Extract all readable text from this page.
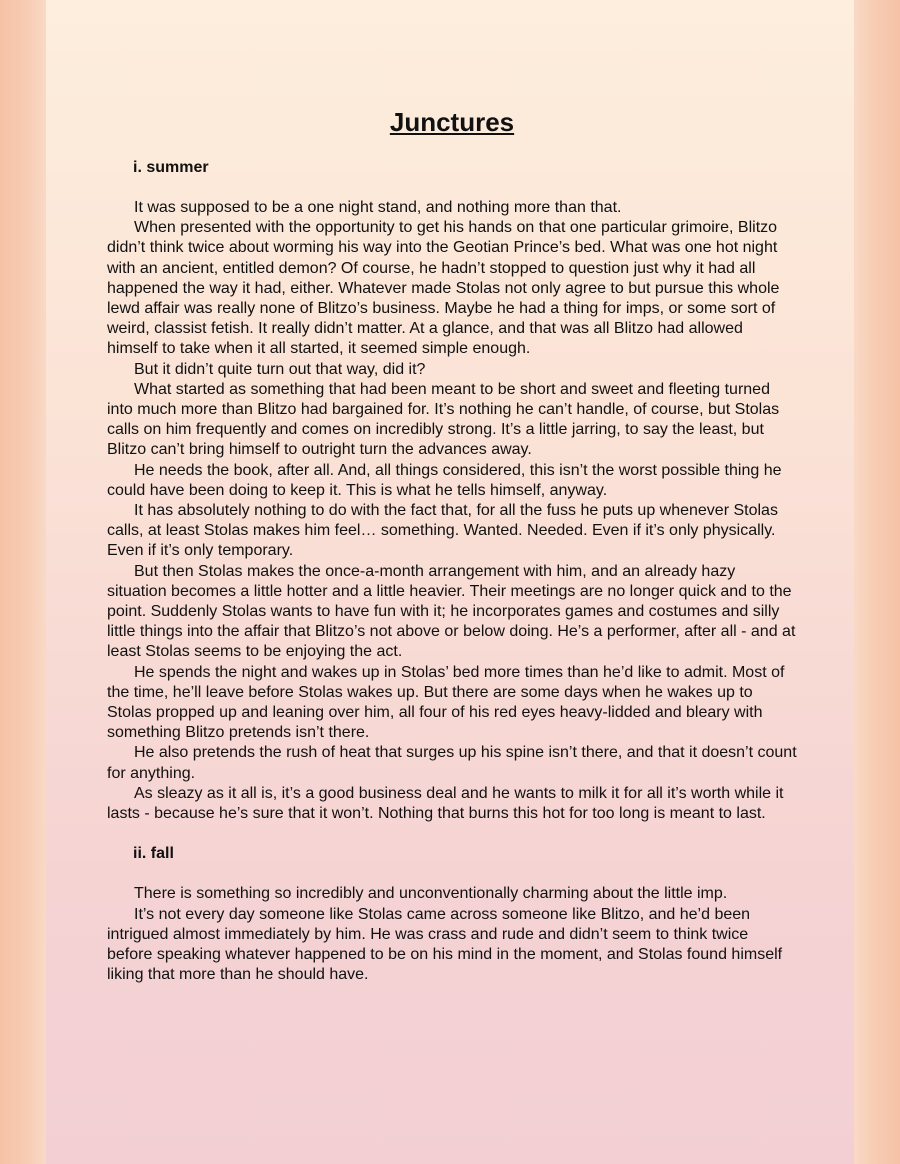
Junctures
i. summer

It was supposed to be a one night stand, and nothing more than that.

When presented with the opportunity to get his hands on that one particular grimoire, Blitzo didn’t think twice about worming his way into the Geotian Prince’s bed. What was one hot night with an ancient, entitled demon? Of course, he hadn’t stopped to question just why it had all happened the way it had, either. Whatever made Stolas not only agree to but pursue this whole lewd affair was really none of Blitzo’s business. Maybe he had a thing for imps, or some sort of weird, classist fetish. It really didn’t matter. At a glance, and that was all Blitzo had allowed himself to take when it all started, it seemed simple enough.

But it didn’t quite turn out that way, did it?

What started as something that had been meant to be short and sweet and fleeting turned into much more than Blitzo had bargained for. It’s nothing he can’t handle, of course, but Stolas calls on him frequently and comes on incredibly strong. It’s a little jarring, to say the least, but Blitzo can’t bring himself to outright turn the advances away.

He needs the book, after all. And, all things considered, this isn’t the worst possible thing he could have been doing to keep it. This is what he tells himself, anyway.

It has absolutely nothing to do with the fact that, for all the fuss he puts up whenever Stolas calls, at least Stolas makes him feel… something. Wanted. Needed. Even if it’s only physically. Even if it’s only temporary.

But then Stolas makes the once-a-month arrangement with him, and an already hazy situation becomes a little hotter and a little heavier. Their meetings are no longer quick and to the point. Suddenly Stolas wants to have fun with it; he incorporates games and costumes and silly little things into the affair that Blitzo’s not above or below doing. He’s a performer, after all - and at least Stolas seems to be enjoying the act.

He spends the night and wakes up in Stolas’ bed more times than he’d like to admit. Most of the time, he’ll leave before Stolas wakes up. But there are some days when he wakes up to Stolas propped up and leaning over him, all four of his red eyes heavy-lidded and bleary with something Blitzo pretends isn’t there.

He also pretends the rush of heat that surges up his spine isn’t there, and that it doesn’t count for anything.

As sleazy as it all is, it’s a good business deal and he wants to milk it for all it’s worth while it lasts - because he’s sure that it won’t. Nothing that burns this hot for too long is meant to last.

ii. fall

There is something so incredibly and unconventionally charming about the little imp.

It’s not every day someone like Stolas came across someone like Blitzo, and he’d been intrigued almost immediately by him. He was crass and rude and didn’t seem to think twice before speaking whatever happened to be on his mind in the moment, and Stolas found himself liking that more than he should have.
